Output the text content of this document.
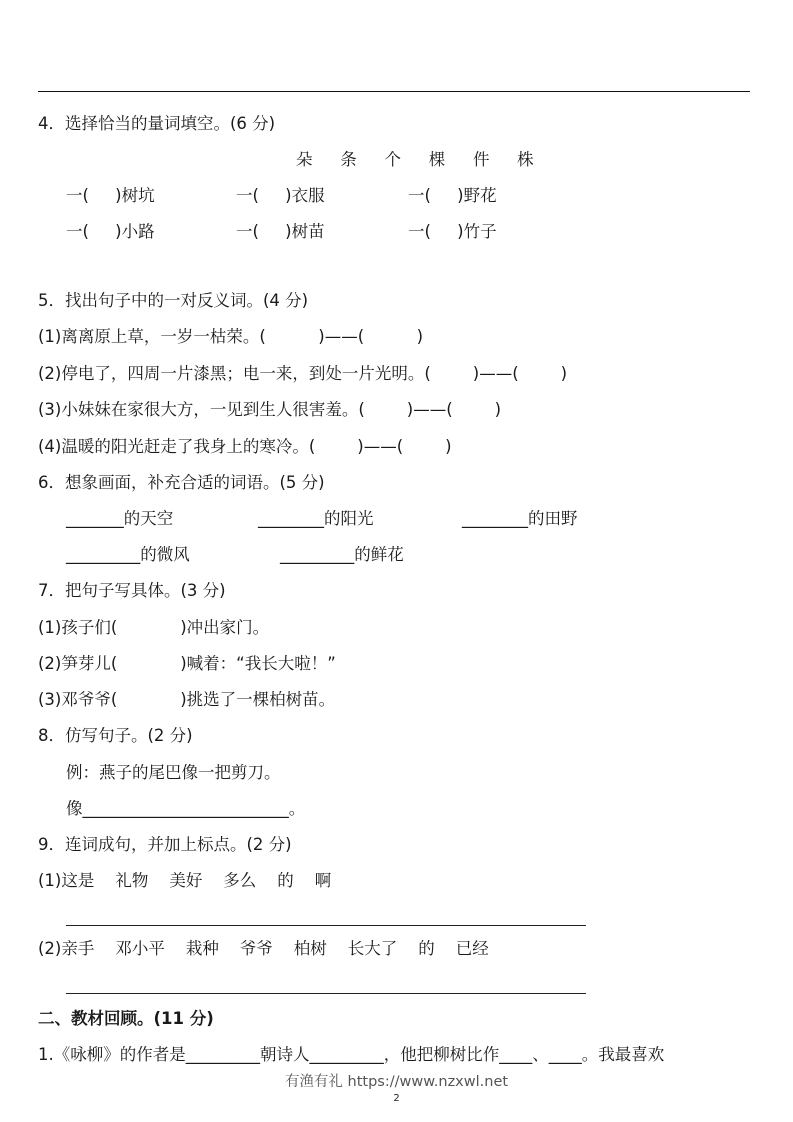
4．选择恰当的量词填空。(6 分)
朵   条   个   棵   件   株
一(     )树坑	一(     )衣服	一(     )野花
一(     )小路	一(     )树苗	一(     )竹子
5．找出句子中的一对反义词。(4 分)
(1)离离原上草，一岁一枯荣。(          )——(          )
(2)停电了，四周一片漆黑；电一来，到处一片光明。(        )——(        )
(3)小妹妹在家很大方，一见到生人很害羞。(        )——(        )
(4)温暖的阳光赶走了我身上的寒冷。(        )——(        )
6．想象画面，补充合适的词语。(5 分)
_______的天空	________的阳光	________的田野
_________的微风	_________的鲜花
7．把句子写具体。(3 分)
(1)孩子们(            )冲出家门。
(2)笋芽儿(            )喊着：“我长大啦！”
(3)邓爷爷(            )挑选了一棵柏树苗。
8．仿写句子。(2 分)
例：燕子的尾巴像一把剪刀。
像_________________________。
9．连词成句，并加上标点。(2 分)
(1)这是    礼物    美好    多么    的    啊
(2)亲手    邓小平    栽种    爷爷    柏树    长大了    的    已经
二、教材回顾。(11 分)
1.《咏柳》的作者是_________朝诗人_________，他把柳树比作____、____。我最喜欢
有渔有礼 https://www.nzxwl.net
2
